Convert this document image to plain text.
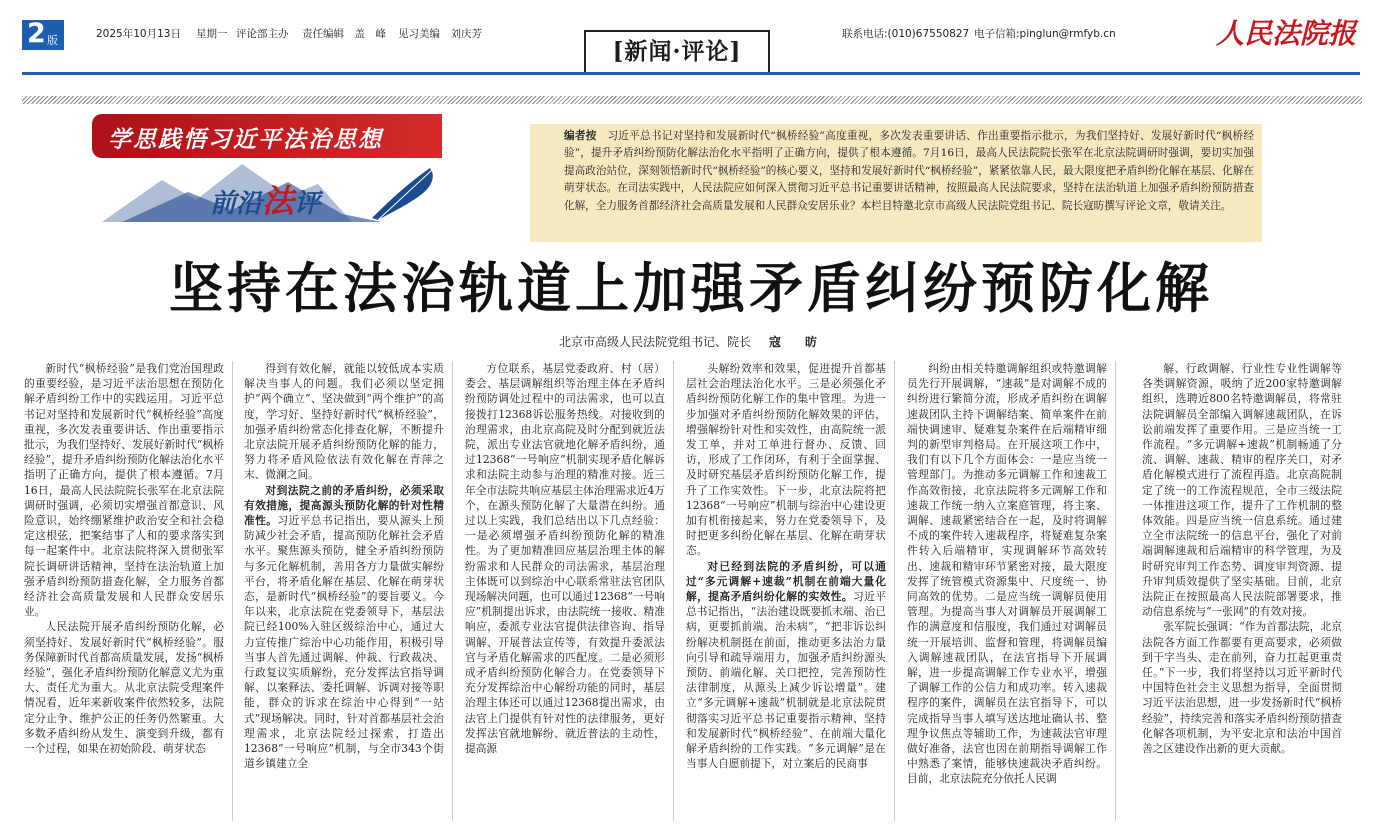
2 版	2025年10月13日 星期一 评论部主办 责任编辑　盖　峰 见习美编　刘庆芳
[新闻·评论]
联系电话:(010)67550827 电子信箱:pinglun@rmfyb.cn	人民法院报
学思践悟习近平法治思想
前沿法评
编者按　 习近平总书记对坚持和发展新时代“枫桥经验”高度重视，多次发表重要讲话、作出重要指示批示，为我们坚持好、发展好新时代“枫桥经验”，提升矛盾纠纷预防化解法治化水平指明了正确方向，提供了根本遵循。7月16日，最高人民法院院长张军在北京法院调研时强调，要切实加强提高政治站位，深刻领悟新时代“枫桥经验”的核心要义，坚持和发展好新时代“枫桥经验”，紧紧依靠人民，最大限度把矛盾纠纷化解在基层、化解在萌芽状态。在司法实践中，人民法院应如何深入贯彻习近平总书记重要讲话精神，按照最高人民法院要求，坚持在法治轨道上加强矛盾纠纷预防措查化解，全力服务首都经济社会高质量发展和人民群众安居乐业？本栏目特邀北京市高级人民法院党组书记、院长寇昉撰写评论文章，敬请关注。
坚持在法治轨道上加强矛盾纠纷预防化解
北京市高级人民法院党组书记、院长 寇　昉

新时代“枫桥经验”是我们党治国理政的重要经验，是习近平法治思想在预防化解矛盾纠纷工作中的实践运用。习近平总书记对坚持和发展新时代“枫桥经验”高度重视，多次发表重要讲话、作出重要指示批示，为我们坚持好、发展好新时代“枫桥经验”，提升矛盾纠纷预防化解法治化水平指明了正确方向，提供了根本遵循。7月16日，最高人民法院院长张军在北京法院调研时强调，必须切实增强首都意识、风险意识，始终绷紧维护政治安全和社会稳定这根弦，把案结事了人和的要求落实到每一起案件中。北京法院将深入贯彻张军院长调研讲话精神，坚持在法治轨道上加强矛盾纠纷预防措查化解，全力服务首都经济社会高质量发展和人民群众安居乐业。

人民法院开展矛盾纠纷预防化解，必须坚持好、发展好新时代“枫桥经验”。服务保障新时代首都高质量发展，发扬“枫桥经验”，强化矛盾纠纷预防化解意义尤为重大、责任尤为重大。从北京法院受理案件情况看，近年来新收案件依然较多，法院定分止争、维护公正的任务仍然繁重。大多数矛盾纠纷从发生、演变到升级，都有一个过程，如果在初始阶段、萌芽状态

得到有效化解，就能以较低成本实质解决当事人的问题。我们必须以坚定拥护“两个确立”、坚决做到“两个维护”的高度，学习好、坚持好新时代“枫桥经验”，加强矛盾纠纷常态化排查化解，不断提升北京法院开展矛盾纠纷预防化解的能力，努力将矛盾风险依法有效化解在青萍之末、微澜之间。

对到法院之前的矛盾纠纷，必须采取有效措施，提高源头预防化解的针对性精准性。习近平总书记指出，要从源头上预防减少社会矛盾，提高预防化解社会矛盾水平。聚焦源头预防，健全矛盾纠纷预防与多元化解机制，善用各方力量做实解纷平台，将矛盾化解在基层、化解在萌芽状态，是新时代“枫桥经验”的要旨要义。今年以来，北京法院在党委领导下，基层法院已经100%入驻区级综治中心，通过大力宣传推广综治中心功能作用，积极引导当事人首先通过调解、仲裁、行政裁决、行政复议实质解纷，充分发挥法官指导调解、以案释法、委托调解、诉调对接等职能，群众的诉求在综治中心得到“一站式”现场解决。同时，针对首都基层社会治理需求，北京法院经过探索，打造出12368“一号响应”机制，与全市343个街道乡镇建立全

方位联系，基层党委政府、村（居）委会、基层调解组织等治理主体在矛盾纠纷预防调处过程中的司法需求，也可以直接拨打12368诉讼服务热线。对接收到的治理需求，由北京高院及时分配到就近法院，派出专业法官就地化解矛盾纠纷，通过12368“一号响应”机制实现矛盾化解诉求和法院主动参与治理的精准对接。近三年全市法院共响应基层主体治理需求近4万个，在源头预防化解了大量潜在纠纷。通过以上实践，我们总结出以下几点经验：一是必须增强矛盾纠纷预防化解的精准性。为了更加精准回应基层治理主体的解纷需求和人民群众的司法需求，基层治理主体既可以到综治中心联系常驻法官团队现场解决问题，也可以通过12368“一号响应”机制提出诉求，由法院统一接收、精准响应，委派专业法官提供法律咨询、指导调解、开展普法宣传等，有效提升委派法官与矛盾化解需求的匹配度。二是必须形成矛盾纠纷预防化解合力。在党委领导下充分发挥综治中心解纷功能的同时，基层治理主体还可以通过12368提出需求，由法官上门提供有针对性的法律服务，更好发挥法官就地解纷、就近普法的主动性，提高源

头解纷效率和效果，促进提升首都基层社会治理法治化水平。三是必须强化矛盾纠纷预防化解工作的集中管理。为进一步加强对矛盾纠纷预防化解效果的评估，增强解纷针对性和实效性，由高院统一派发工单，并对工单进行督办、反馈、回访，形成了工作闭环，有利于全面掌握、及时研究基层矛盾纠纷预防化解工作，提升了工作实效性。下一步，北京法院将把12368“一号响应”机制与综治中心建设更加有机衔接起来，努力在党委领导下，及时把更多纠纷化解在基层、化解在萌芽状态。

对已经到法院的矛盾纠纷，可以通过“多元调解+速裁”机制在前端大量化解，提高矛盾纠纷化解的实效性。习近平总书记指出，“法治建设既要抓末端、治已病，更要抓前端、治未病”，“把非诉讼纠纷解决机制挺在前面，推动更多法治力量向引导和疏导端用力，加强矛盾纠纷源头预防、前端化解、关口把控，完善预防性法律制度，从源头上减少诉讼增量”。建立“多元调解+速裁”机制就是北京法院贯彻落实习近平总书记重要指示精神、坚持和发展新时代“枫桥经验”、在前端大量化解矛盾纠纷的工作实践。“多元调解”是在当事人自愿前提下，对立案后的民商事

纠纷由相关特邀调解组织或特邀调解员先行开展调解，“速裁”是对调解不成的纠纷进行繁简分流，形成矛盾纠纷在调解速裁团队主持下调解结案、简单案件在前端快调速审、疑难复杂案件在后端精审细判的新型审判格局。在开展这项工作中，我们有以下几个方面体会：一是应当统一管理部门。为推动多元调解工作和速裁工作高效衔接，北京法院将多元调解工作和速裁工作统一纳入立案庭管理，将主案、调解、速裁紧密结合在一起，及时将调解不成的案件转入速裁程序，将疑难复杂案件转入后端精审，实现调解环节高效转出、速裁和精审环节紧密对接，最大限度发挥了统管模式资源集中、尺度统一、协同高效的优势。二是应当统一调解员使用管理。为提高当事人对调解员开展调解工作的满意度和信服度，我们通过对调解员统一开展培训、监督和管理，将调解员编入调解速裁团队，在法官指导下开展调解，进一步提高调解工作专业水平，增强了调解工作的公信力和成功率。转入速裁程序的案件，调解员在法官指导下，可以完成指导当事人填写送达地址确认书、整理争议焦点等辅助工作，为速裁法官审理做好准备，法官也因在前期指导调解工作中熟悉了案情，能够快速裁决矛盾纠纷。目前，北京法院充分依托人民调

解、行政调解、行业性专业性调解等各类调解资源，吸纳了近200家特邀调解组织，选聘近800名特邀调解员，将常驻法院调解员全部编入调解速裁团队，在诉讼前端发挥了重要作用。三是应当统一工作流程。“多元调解+速裁”机制畅通了分流、调解、速裁、精审的程序关口，对矛盾化解模式进行了流程再造。北京高院制定了统一的工作流程规范，全市三级法院一体推进这项工作，提升了工作机制的整体效能。四是应当统一信息系统。通过建立全市法院统一的信息平台，强化了对前端调解速裁和后端精审的科学管理，为及时研究审判工作态势、调度审判资源、提升审判质效提供了坚实基础。目前，北京法院正在按照最高人民法院部署要求，推动信息系统与“一张网”的有效对接。

张军院长强调：“作为首都法院，北京法院各方面工作都要有更高要求，必须做到干字当头、走在前列，奋力扛起更重责任。”下一步，我们将坚持以习近平新时代中国特色社会主义思想为指导，全面贯彻习近平法治思想，进一步发扬新时代“枫桥经验”，持续完善和落实矛盾纠纷预防措查化解各项机制，为平安北京和法治中国首善之区建设作出新的更大贡献。
